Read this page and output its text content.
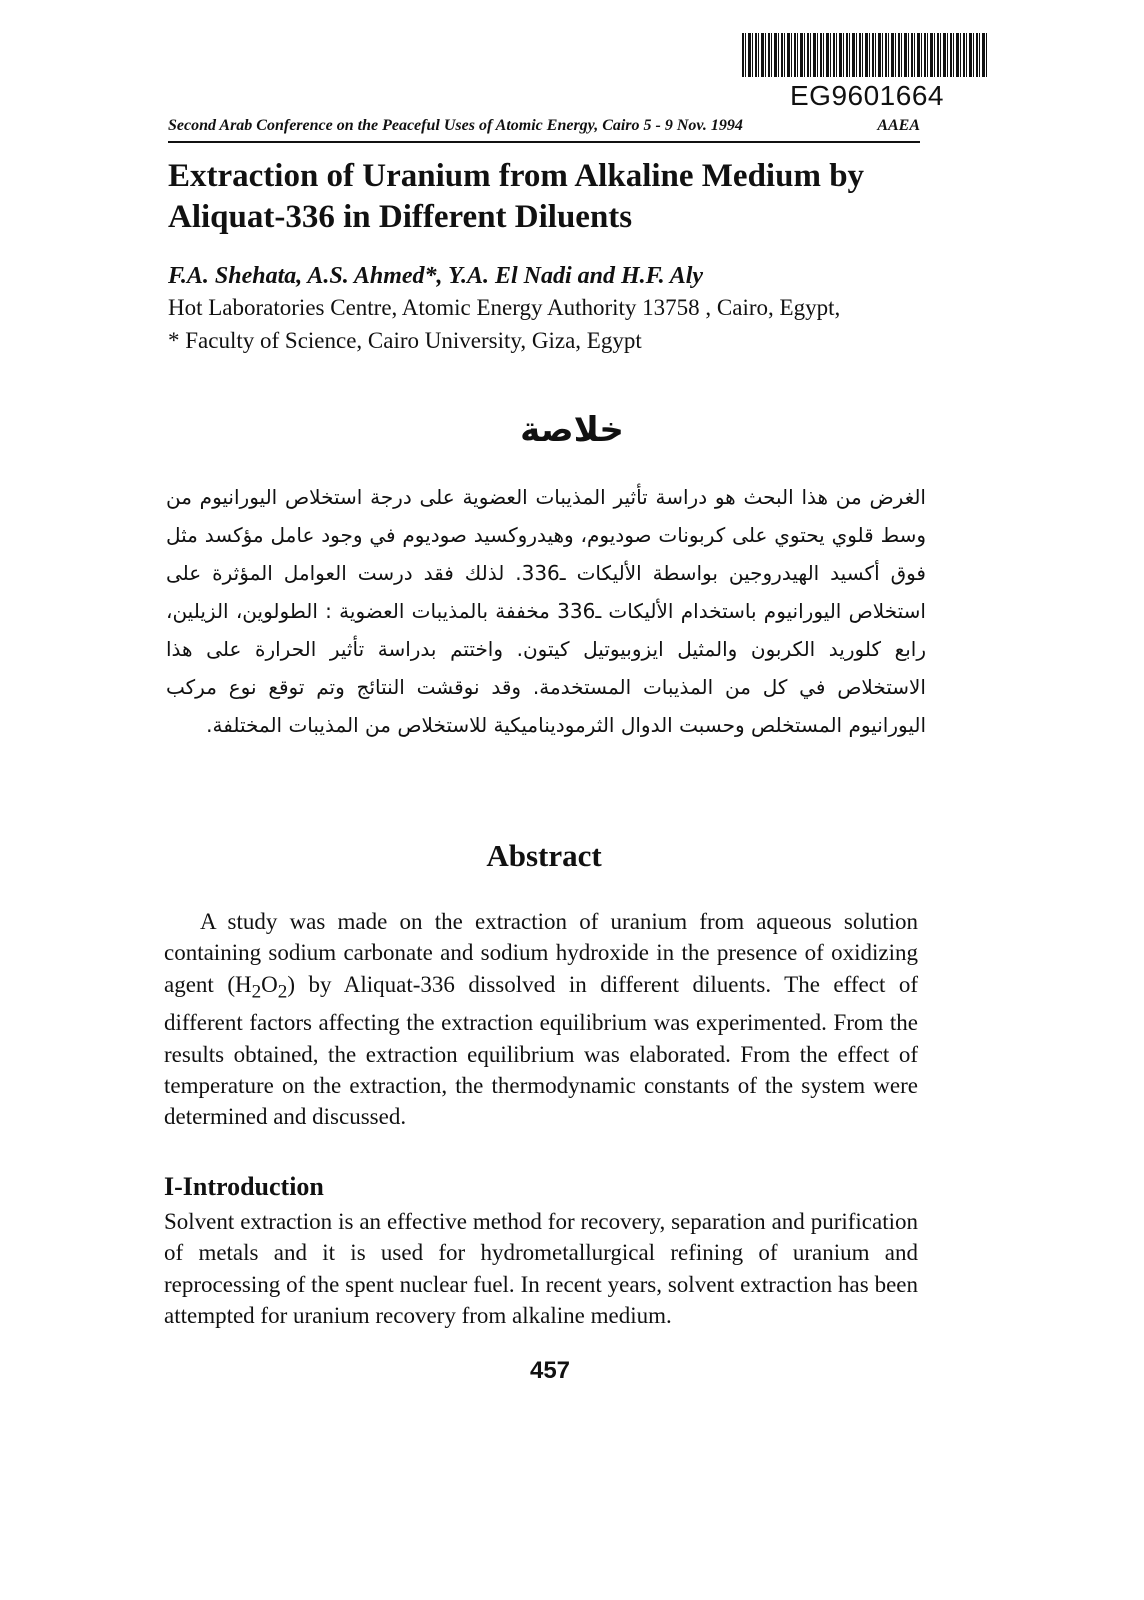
EG9601664
Second Arab Conference on the Peaceful Uses of Atomic Energy, Cairo 5 - 9 Nov. 1994	AAEA
Extraction of Uranium from Alkaline Medium by Aliquat-336 in Different Diluents
F.A. Shehata, A.S. Ahmed*, Y.A. El Nadi and H.F. Aly
Hot Laboratories Centre, Atomic Energy Authority 13758 , Cairo, Egypt,
* Faculty of Science, Cairo University, Giza, Egypt
خلاصة
الغرض من هذا البحث هو دراسة تأثير المذيبات العضوية على درجة استخلاص اليورانيوم من وسط قلوي يحتوي على كربونات صوديوم، وهيدروكسيد صوديوم في وجود عامل مؤكسد مثل فوق أكسيد الهيدروجين بواسطة الأليكات ـ336. لذلك فقد درست العوامل المؤثرة على استخلاص اليورانيوم باستخدام الأليكات ـ336 مخففة بالمذيبات العضوية : الطولوين، الزيلين، رابع كلوريد الكربون والمثيل ايزوبيوتيل كيتون. واختتم بدراسة تأثير الحرارة على هذا الاستخلاص في كل من المذيبات المستخدمة. وقد نوقشت النتائج وتم توقع نوع مركب اليورانيوم المستخلص وحسبت الدوال الثرموديناميكية للاستخلاص من المذيبات المختلفة.
Abstract
A study was made on the extraction of uranium from aqueous solution containing sodium carbonate and sodium hydroxide in the presence of oxidizing agent $(H_2O_2)$ by Aliquat-336 dissolved in different diluents. The effect of different factors affecting the extraction equilibrium was experimented. From the results obtained, the extraction equilibrium was elaborated. From the effect of temperature on the extraction, the thermodynamic constants of the system were determined and discussed.
I-Introduction
Solvent extraction is an effective method for recovery, separation and purification of metals and it is used for hydrometallurgical refining of uranium and reprocessing of the spent nuclear fuel. In recent years, solvent extraction has been attempted for uranium recovery from alkaline medium.
457
